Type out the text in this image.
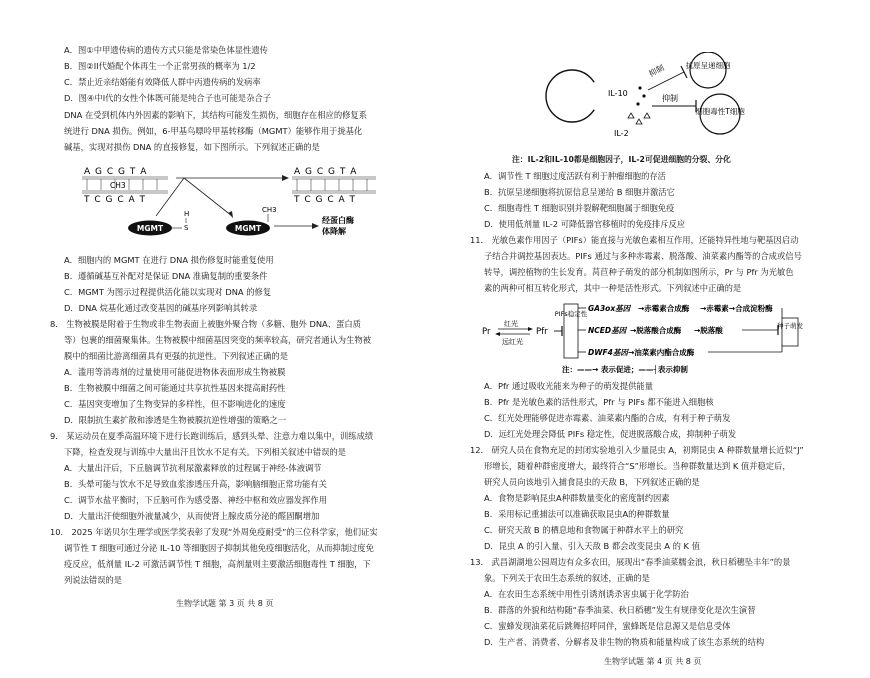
A．图①中甲遗传病的遗传方式只能是常染色体显性遗传
B．图②II代婚配个体再生一个正常男孩的概率为 1/2
C．禁止近亲结婚能有效降低人群中丙遗传病的发病率
D．图④中I代的女性个体既可能是纯合子也可能是杂合子
DNA 在受到机体内外因素的影响下，其结构可能发生损伤，细胞存在相应的修复系
统进行 DNA 损伤。例如，6-甲基鸟嘌呤甲基转移酶（MGMT）能够作用于拢基化
碱基，实现对损伤 DNA 的直接修复，如下图所示。下列叙述正确的是
A G C G T A
CH3
T C G C A T
A G C G T A
T C G C A T
MGMT
H
S	MGMT
CH3
S
经蛋白酶
体降解
A．细胞内的 MGMT 在进行 DNA 损伤修复时能重复使用
B．遵循碱基互补配对是保证 DNA 准确复制的重要条件
C．MGMT 为图示过程提供活化能以实现对 DNA 的修复
D．DNA 烷基化通过改变基因的碱基序列影响其转录
8． 生物被膜是附着于生物或非生物表面上被胞外聚合物（多糖、胞外 DNA、蛋白质
等）包裹的细菌聚集体。生物被膜中细菌基因突变的频率较高，研究者通认为生物被
膜中的细菌比游离细菌具有更强的抗逆性。下列叙述正确的是
A．滥用等消毒剂的过量使用可能促进物体表面形成生物被膜
B．生物被膜中细菌之间可能通过共享抗性基因来提高耐药性
C．基因突变增加了生物变异的多样性，但不影响进化的速度
D．限制抗生素扩散和渗透是生物被膜抗逆性增强的策略之一
9． 某运动员在夏季高温环境下进行长跑训练后，感到头晕、注意力难以集中，训练成绩
下降，检查发现与训练中大量出汗且饮水不足有关。下列相关叙述中错误的是
A．大量出汗后，下丘脑调节抗利尿激素释放的过程属于神经-体液调节
B．头晕可能与饮水不足导致血浆渗透压升高，影响脑细胞正常功能有关
C．调节水盐平衡时，下丘脑可作为感受器、神经中枢和效应器发挥作用
D．大量出汗使细胞外液量减少，从而使肾上腺皮质分泌的醛固酮增加
10． 2025 年诺贝尔生理学或医学奖表彰了发现“外周免疫耐受”的三位科学家，他们证实
调节性 T 细胞可通过分泌 IL-10 等细胞因子抑制其他免疫细胞活化，从而抑制过度免
疫反应，低剂量 IL-2 可激活调节性 T 细胞，高剂量则主要激活细胞毒性 T 细胞，下
列说法错误的是
生物学试题 第 3 页 共 8 页
IL-10
IL-2
抑制
抑制
抗原呈递细胞
细胞毒性T细胞
注：IL-2和IL-10都是细胞因子，IL-2可促进细胞的分裂、分化
A．调节性 T 细胞过度活跃有利于肿瘤细胞的存活
B．抗原呈递细胞将抗原信息呈递给 B 细胞并激活它
C．细胞毒性 T 细胞识别并裂解靶细胞属于细胞免疫
D．使用低剂量 IL-2 可降低器官移植时的免疫排斥反应
11． 光敏色素作用因子（PIFs）能直接与光敏色素相互作用，还能特异性地与靶基因启动
子结合并调控基因表达。PIFs 通过与多种赤霉素、脱落酸、油菜素内酯等的合成或信号
转导，调控植物的生长发育。莴苣种子萌发的部分机制如图所示，Pr 与 Pfr 为光敏色
素的两种可相互转化形式，其中一种是活性形式。下列叙述中正确的是
Pr
红光
远红光
Pfr
PIFs稳定性
GA3ox基因 →赤霉素合成酶 →赤霉素→合成淀粉酶
NCED基因 →脱落酸合成酶 →脱落酸
DWF4基因 →油菜素内酯合成酶
种子萌发
注：——→ 表示促进；——┤表示抑制
A．Pfr 通过吸收光能来为种子的萌发提供能量
B．Pfr 是光敏色素的活性形式，Pfr 与 PIFs 都不能进入细胞核
C．红光处理能够促进赤霉素、油菜素内酯的合成，有利于种子萌发
D．远红光处理会降低 PIFs 稳定性，促进脱落酸合成，抑制种子萌发
12． 研究人员在食物充足的封闭实验地引入少量昆虫 A，初期昆虫 A 种群数量增长近似“J”
形增长，随着种群密度增大，最终符合“S”形增长。当种群数量达到 K 值并稳定后，
研究人员向该地引入捕食昆虫的天敌 B，下列叙述正确的是
A．食物是影响昆虫A种群数量变化的密度制约因素
B．采用标记重捕法可以准确获取昆虫A的种群数量
C．研究天敌 B 的栖息地和食物属于种群水平上的研究
D．昆虫 A 的引入量、引入天敌 B 都会改变昆虫 A 的 K 值
13． 武昌湖湖地公园周边有众多农田，展现出“春季油菜糯金浪，秋日稻穗坠丰年”的景
象。下列关于农田生态系统的叙述，正确的是
A．在农田生态系统中用性引诱剂诱杀害虫属于化学防治
B．群落的外貌和结构随“春季油菜、秋日稻穗”发生有规律变化是次生演替
C．蜜蜂发现油菜花后跳舞招呼同伴，蜜蜂既是信息源又是信息受体
D．生产者、消费者、分解者及非生物的物质和能量构成了该生态系统的结构
生物学试题 第 4 页 共 8 页
